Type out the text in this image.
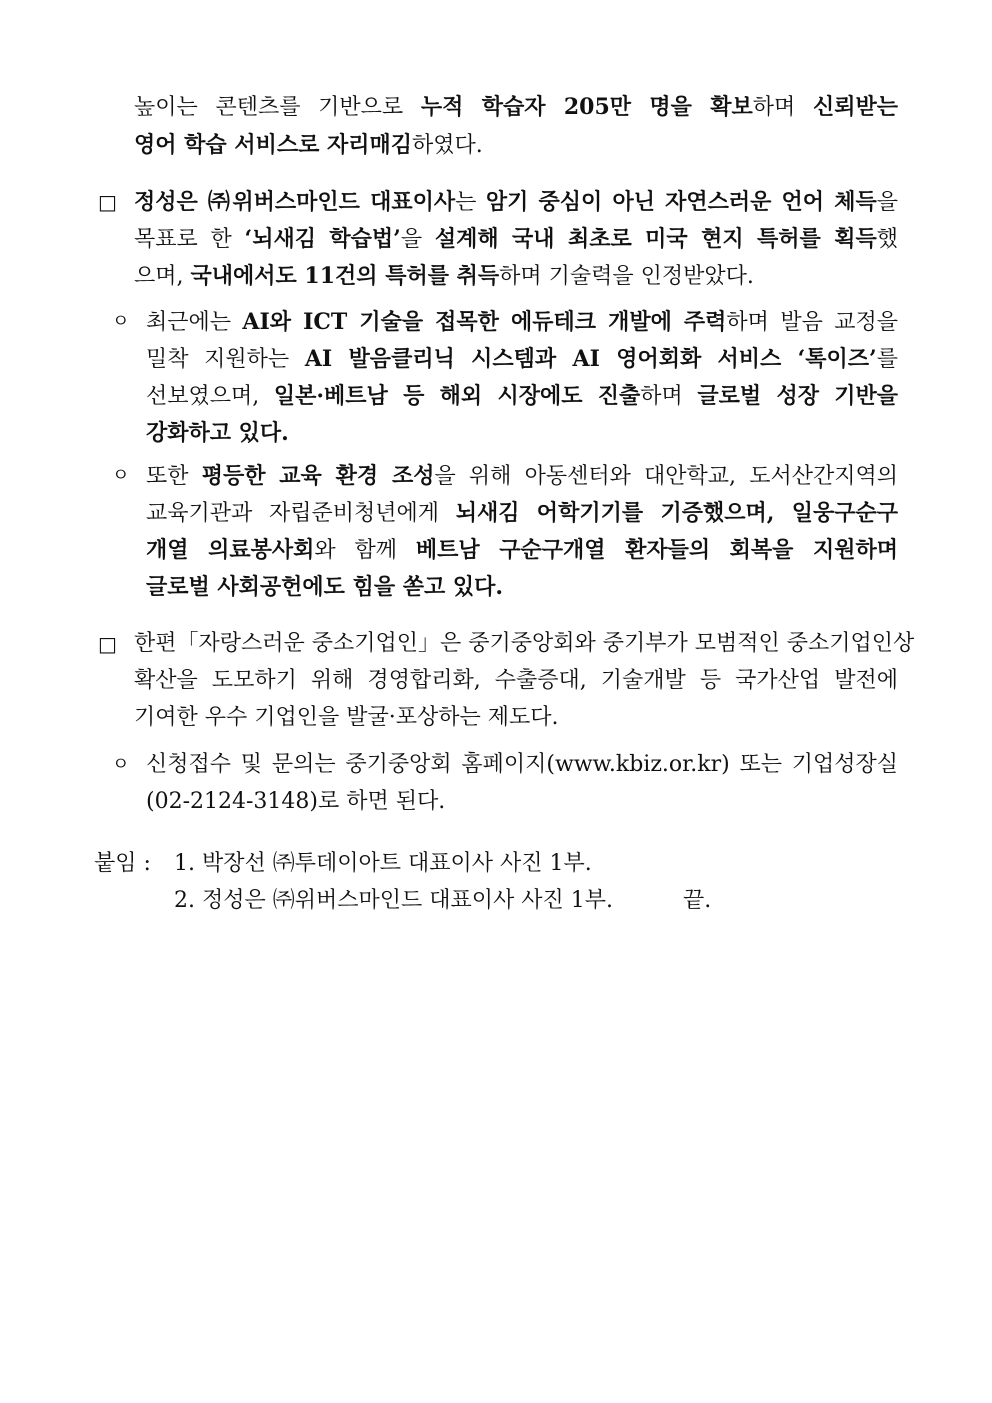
높이는 콘텐츠를 기반으로 누적 학습자 205만 명을 확보하며 신뢰받는
영어 학습 서비스로 자리매김하였다.
□ 정성은 ㈜위버스마인드 대표이사는 암기 중심이 아닌 자연스러운 언어 체득을
목표로 한 ‘뇌새김 학습법’을 설계해 국내 최초로 미국 현지 특허를 획득했
으며, 국내에서도 11건의 특허를 취득하며 기술력을 인정받았다.
ㅇ 최근에는 AI와 ICT 기술을 접목한 에듀테크 개발에 주력하며 발음 교정을
밀착 지원하는 AI 발음클리닉 시스템과 AI 영어회화 서비스 ‘톡이즈’를
선보였으며, 일본·베트남 등 해외 시장에도 진출하며 글로벌 성장 기반을
강화하고 있다.
ㅇ 또한 평등한 교육 환경 조성을 위해 아동센터와 대안학교, 도서산간지역의
교육기관과 자립준비청년에게 뇌새김 어학기기를 기증했으며, 일웅구순구
개열 의료봉사회와 함께 베트남 구순구개열 환자들의 회복을 지원하며
글로벌 사회공헌에도 힘을 쏟고 있다.
□ 한편「자랑스러운 중소기업인」은 중기중앙회와 중기부가 모범적인 중소기업인상
확산을 도모하기 위해 경영합리화, 수출증대, 기술개발 등 국가산업 발전에
기여한 우수 기업인을 발굴·포상하는 제도다.
ㅇ 신청접수 및 문의는 중기중앙회 홈페이지(www.kbiz.or.kr) 또는 기업성장실
(02-2124-3148)로 하면 된다.
붙임 : 1. 박장선 ㈜투데이아트 대표이사 사진 1부.
2. 정성은 ㈜위버스마인드 대표이사 사진 1부.	끝.
